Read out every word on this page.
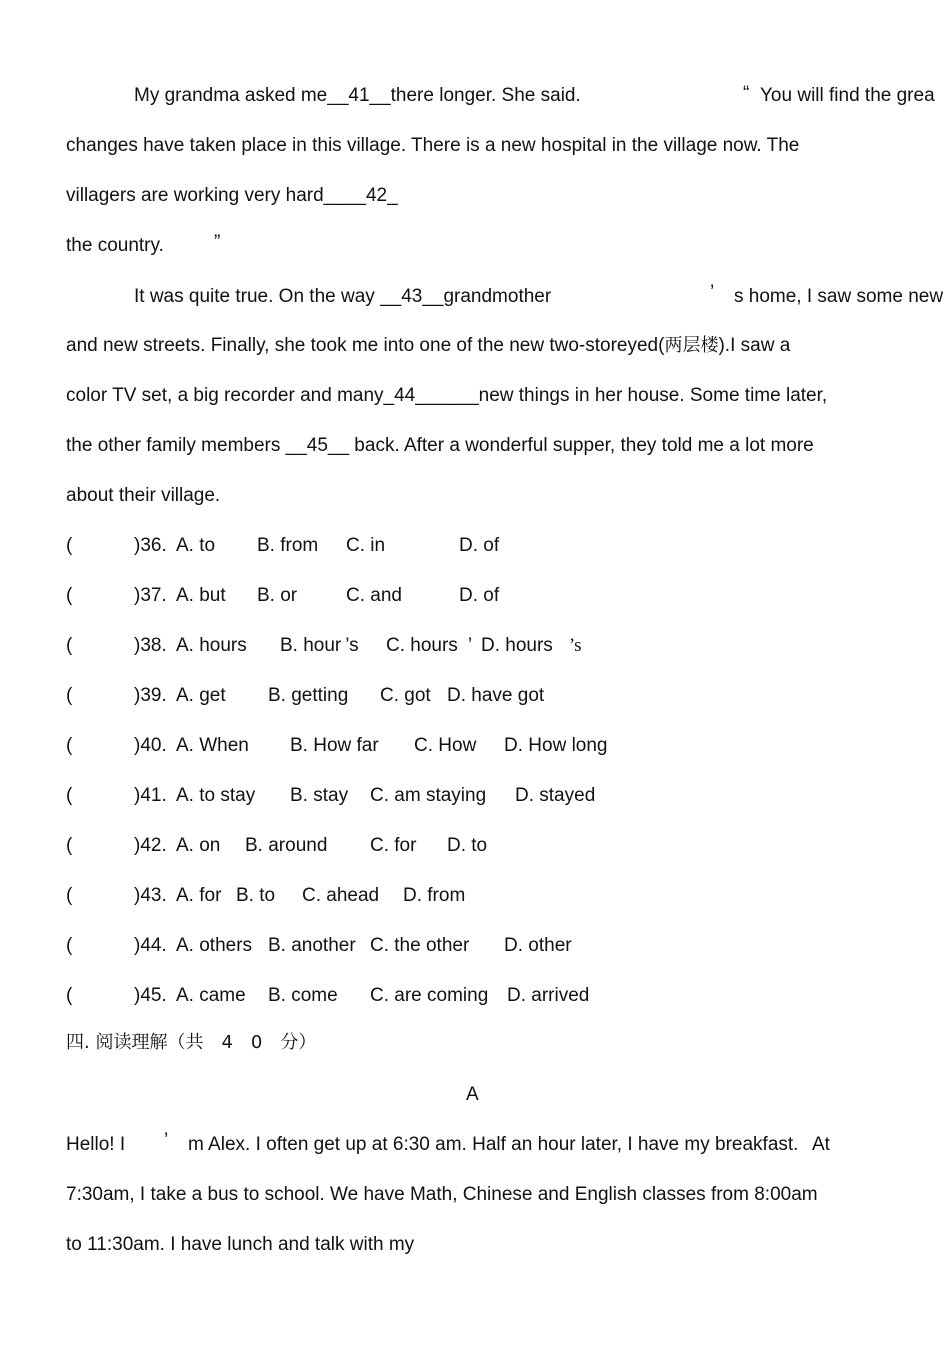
My grandma asked me__41__there longer. She said.	“ You will find the grea
changes have taken place in this village. There is a new hospital in the village now. The
villagers are working very hard____42_
the country.	”
It was quite true. On the way __43__grandmother	’ s home, I saw some new
and new streets. Finally, she took me into one of the new two-storeyed(两层楼).I saw a
color TV set, a big recorder and many_44______new things in her house. Some time later,
the other family members __45__ back. After a wonderful supper, they told me a lot more
about their village.
(	)36. A. to B. from C. in	D. of
(	)37. A. but B. or	C. and	D. of
(	)38. A. hours B. hour ’s C. hours ’ D. hours ’s
(	)39. A. get B. getting C. got D. have got
(	)40. A. When B. How far C. How D. How long
(	)41. A. to stay B. stay C. am staying D. stayed
(	)42. A. on B. around C. for D. to
(	)43. A. for B. to C. ahead D. from
(	)44. A. others B. another C. the other D. other
(	)45. A. came B. come C. are coming D. arrived
四. 阅读理解（共　4　0　分）
A
Hello! I ’ m Alex. I often get up at 6:30 am. Half an hour later, I have my breakfast. At
7:30am, I take a bus to school. We have Math, Chinese and English classes from 8:00am
to 11:30am. I have lunch and talk with my
